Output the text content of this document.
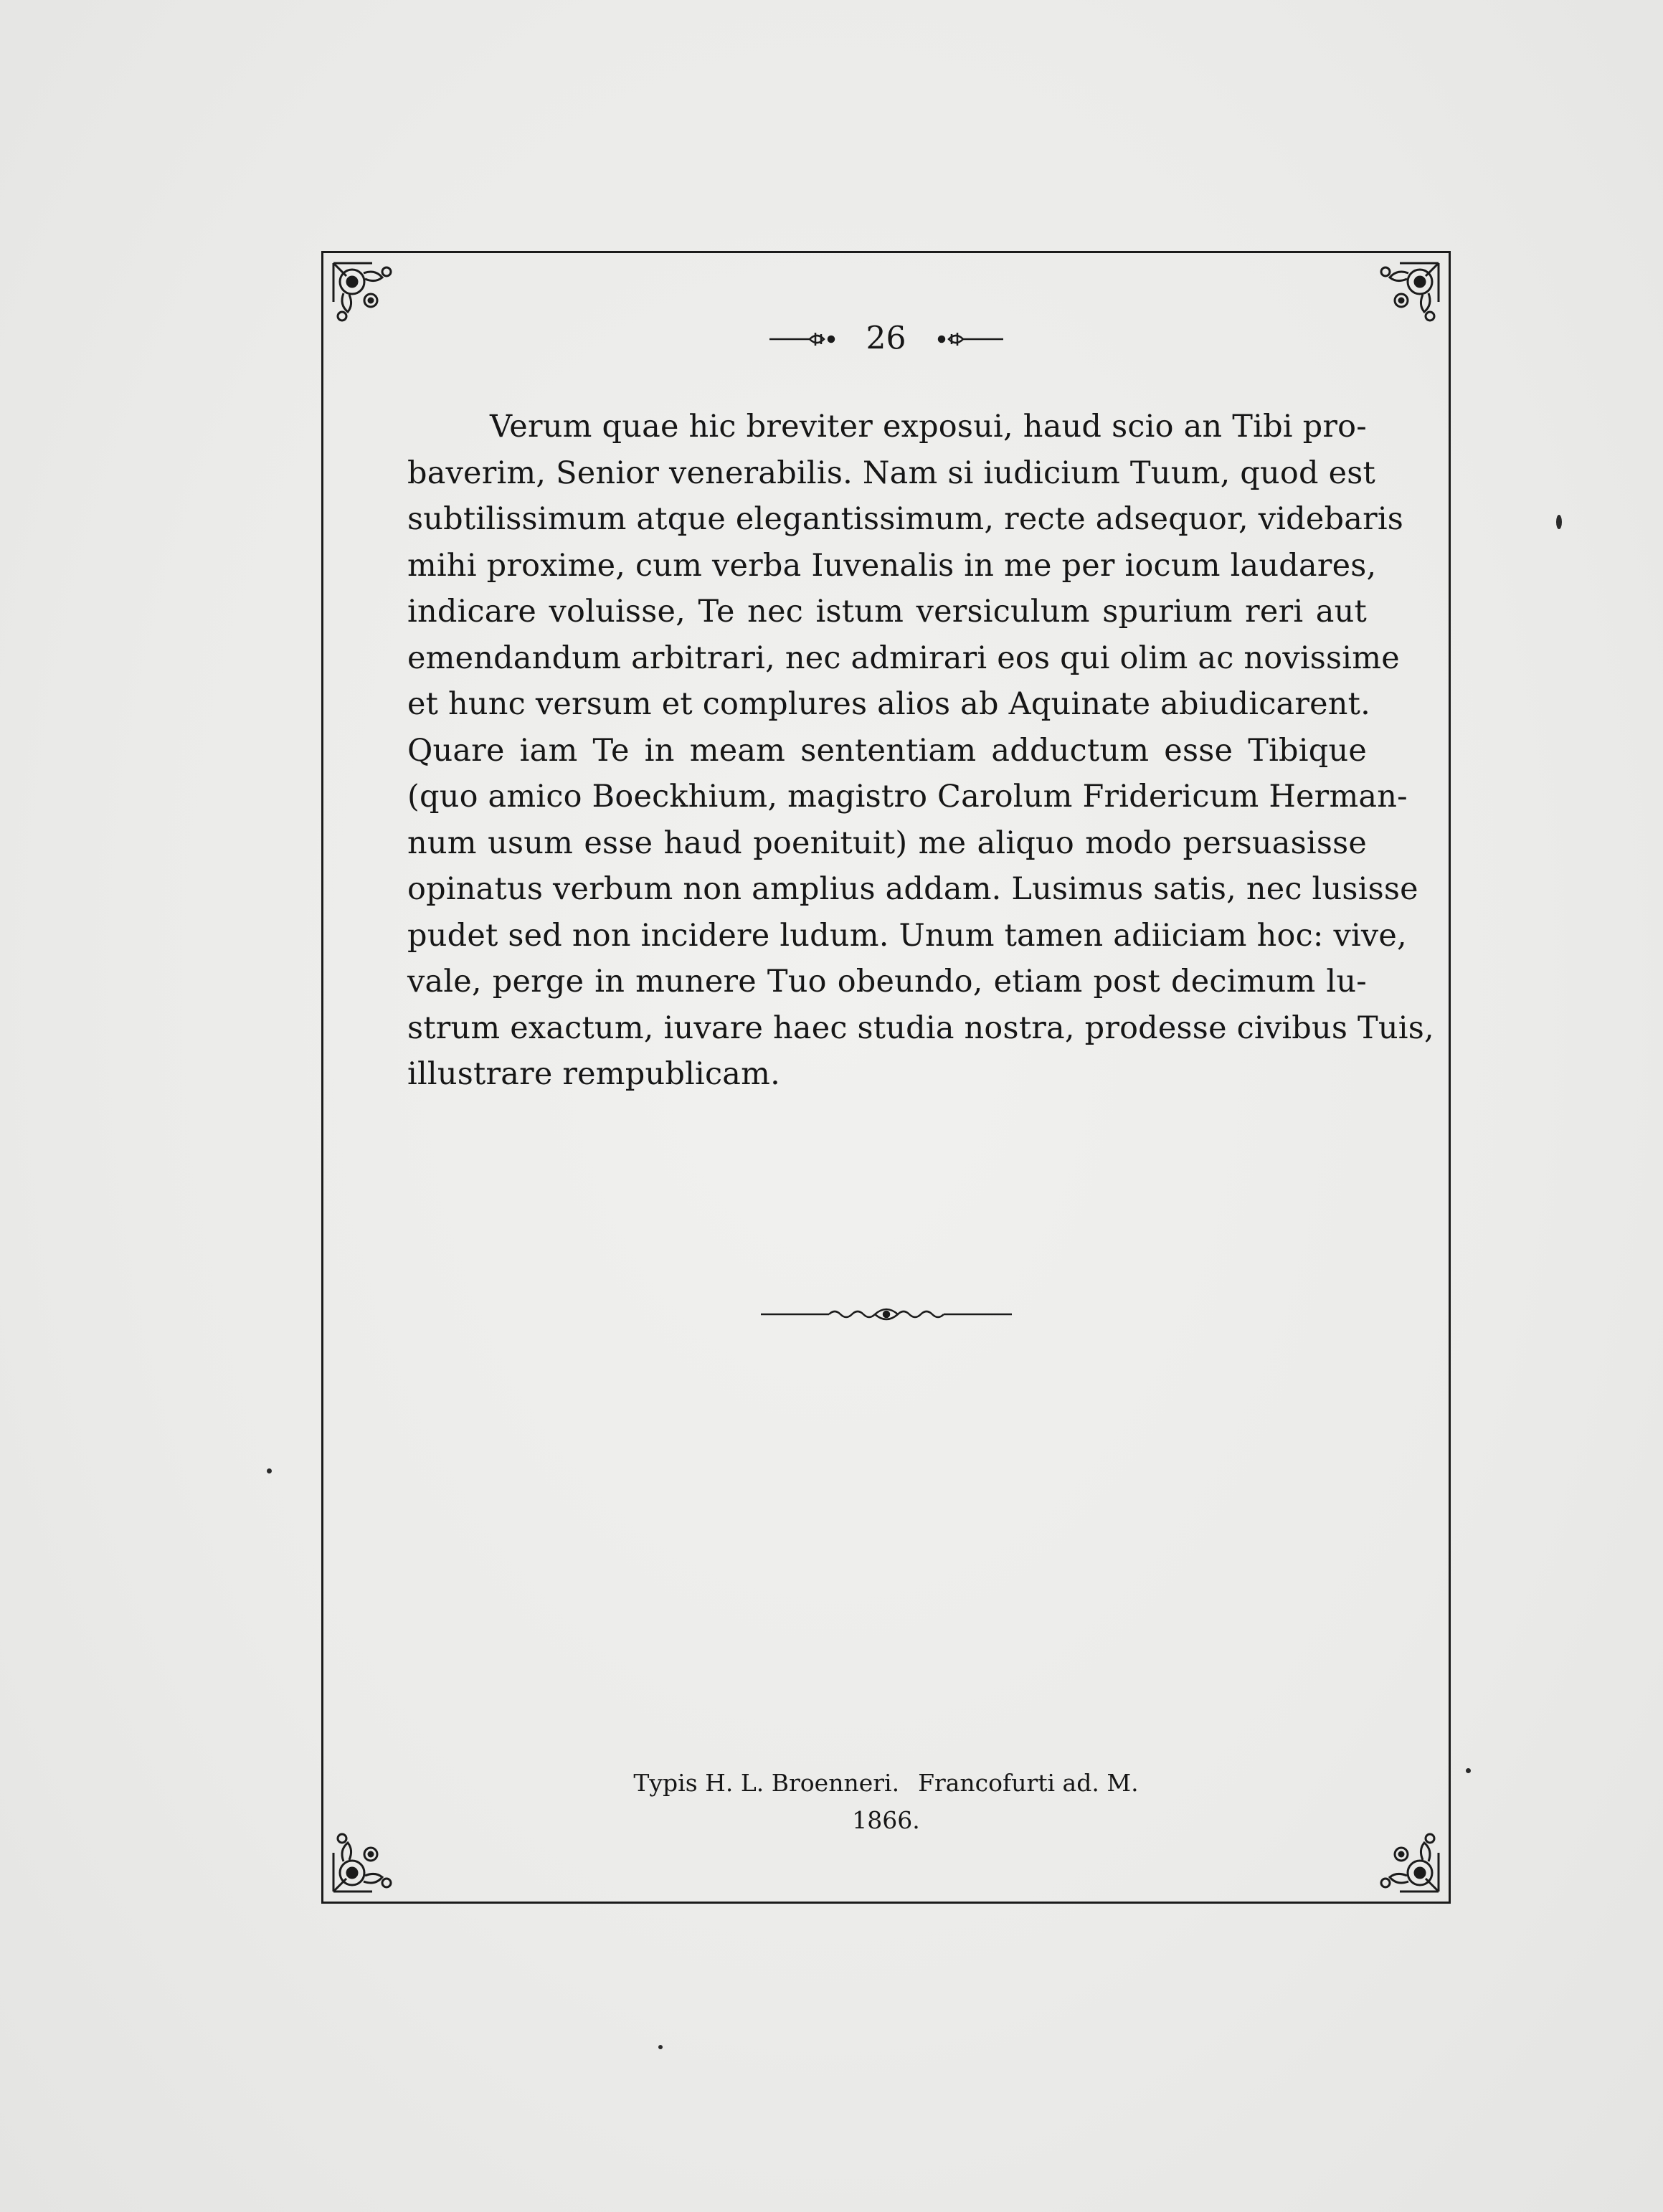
26
Verum quae hic breviter exposui, haud scio an Tibi pro-
baverim, Senior venerabilis. Nam si iudicium Tuum, quod est
subtilissimum atque elegantissimum, recte adsequor, videbaris
mihi proxime, cum verba Iuvenalis in me per iocum laudares,
indicare voluisse, Te nec istum versiculum spurium reri aut
emendandum arbitrari, nec admirari eos qui olim ac novissime
et hunc versum et complures alios ab Aquinate abiudicarent.
Quare iam Te in meam sententiam adductum esse Tibique
(quo amico Boeckhium, magistro Carolum Fridericum Herman-
num usum esse haud poenituit) me aliquo modo persuasisse
opinatus verbum non amplius addam. Lusimus satis, nec lusisse
pudet sed non incidere ludum. Unum tamen adiiciam hoc: vive,
vale, perge in munere Tuo obeundo, etiam post decimum lu-
strum exactum, iuvare haec studia nostra, prodesse civibus Tuis,
illustrare rempublicam.
Typis H. L. Broenneri. Francofurti ad. M.
1866.
